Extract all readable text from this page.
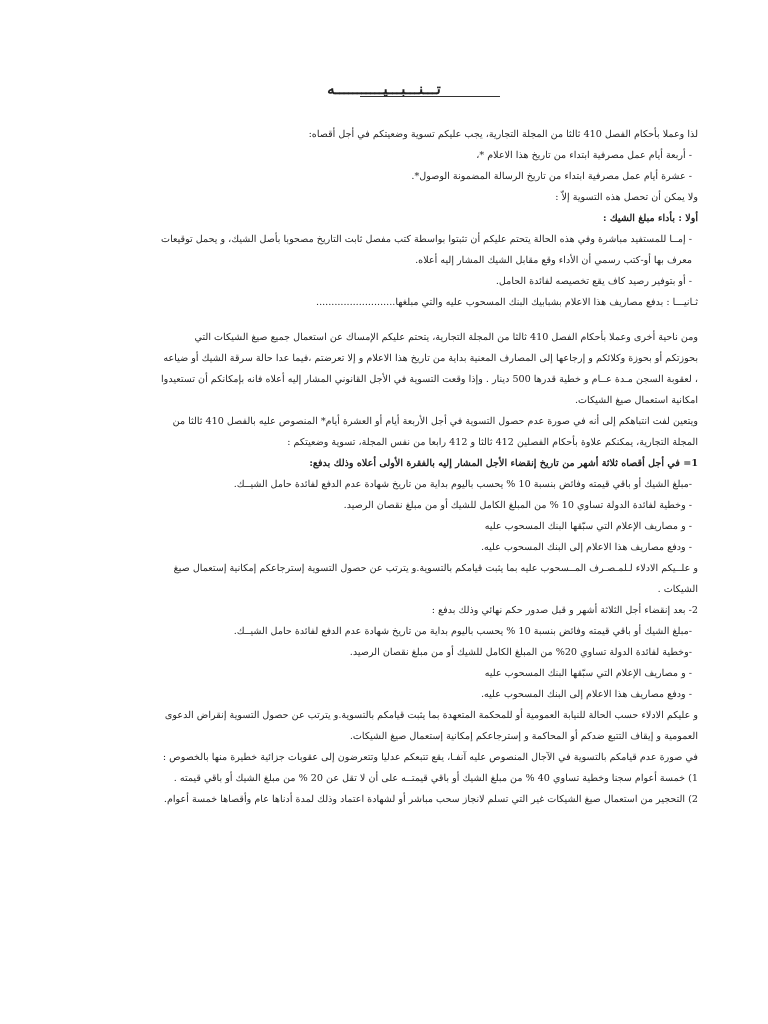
تـــنـــبـــيـــــــــــه

لذا وعملا بأحكام الفصل 410 ثالثا من المجلة التجارية، يجب عليكم تسوية وضعيتكم في أجل أقصاه:

- أربعة أيام عمل مصرفية ابتداء من تاريخ هذا الاعلام *،

- عشرة أيام عمل مصرفية ابتداء من تاريخ الرسالة المضمونة الوصول*.

ولا يمكن أن تحصل هذه التسوية إلاّ :

أولا : بأداء مبلغ الشيك :

- إمــا للمستفيد مباشرة وفي هذه الحالة يتحتم عليكم أن تثبتوا بواسطة كتب مفصل ثابت التاريخ مصحوبا بأصل الشيك، و يحمل توقيعات معرف بها أو-كتب رسمي أن الأداء وقع مقابل الشيك المشار إليه أعلاه.

- أو بتوفير رصيد كاف يقع تخصيصه لفائدة الحامل.

ثـانيـــا : بدفع مصاريف هذا الاعلام بشبابيك البنك المسحوب عليه والتي مبلغها..........................

ومن ناحية أخرى وعملا بأحكام الفصل 410 ثالثا من المجلة التجارية، يتحتم عليكم الإمساك عن استعمال جميع صيغ الشيكات التي بحوزتكم أو بحوزة وكلائكم و إرجاعها إلى المصارف المعنية بداية من تاريخ هذا الاعلام و إلا تعرضتم ،فيما عدا حالة سرقة الشيك أو ضياعه ، لعقوبة السجن مـدة عــام و خطية قدرها 500 دينار . وإذا وقعت التسوية في الأجل القانوني المشار إليه أعلاه فانه بإمكانكم أن تستعيدوا امكانية استعمال صيغ الشيكات.

ويتعين لفت انتباهكم إلى أنه في صورة عدم حصول التسوية في أجل الأربعة أيام أو العشرة أيام* المنصوص عليه بالفصل 410 ثالثا من المجلة التجارية، يمكنكم علاوة بأحكام الفصلين 412 ثالثا و 412 رابعا من نفس المجلة، تسوية وضعيتكم :

1= في أجل أقصاه ثلاثة أشهر من تاريخ إنقضاء الأجل المشار إليه بالفقرة الأولى أعلاه وذلك بدفع:

-مبلغ الشيك أو باقي قيمته وفائض بنسبة 10 % يحسب باليوم بداية من تاريخ شهادة عدم الدفع لفائدة حامل الشيــك.

- وخطية لفائدة الدولة تساوي 10 % من المبلغ الكامل للشيك أو من مبلغ نقصان الرصيد.

- و مصاريف الإعلام التي سبّقها البنك المسحوب عليه

- ودفع مصاريف هذا الاعلام إلى البنك المسحوب عليه.

و علــيكم الادلاء لـلمـصـرف المــسحوب عليه بما يثبت قيامكم بالتسوية.و يترتب عن حصول التسوية إسترجاعكم إمكانية إستعمال صيغ الشيكات .

2- بعد إنقضاء أجل الثلاثة أشهر و قبل صدور حكم نهائي وذلك بدفع :

-مبلغ الشيك أو باقي قيمته وفائض بنسبة 10 % يحسب باليوم بداية من تاريخ شهادة عدم الدفع لفائدة حامل الشيــك.

-وخطية لفائدة الدولة تساوي 20% من المبلغ الكامل للشيك أو من مبلغ نقصان الرصيد.

- و مصاريف الإعلام التي سبّقها البنك المسحوب عليه

- ودفع مصاريف هذا الاعلام إلى البنك المسحوب عليه.

و عليكم الادلاء حسب الحالة للنيابة العمومية أو للمحكمة المتعهدة بما يثبت قيامكم بالتسوية.و يترتب عن حصول التسوية إنقراض الدعوى العمومية و إيقاف التتبع ضدكم أو المحاكمة و إسترجاعكم إمكانية إستعمال صيغ الشيكات.

في صورة عدم قيامكم بالتسوية في الآجال المنصوص عليه آنفـا، يقع تتبعكم عدليا وتتعرضون إلى عقوبات جزائية خطيرة منها بالخصوص :

1) خمسة أعوام سجنا وخطية تساوي 40 % من مبلغ الشيك أو باقي قيمتــه على أن لا تقل عن 20 % من مبلغ الشيك أو باقي قيمته .

2) التحجير من استعمال صيغ الشيكات غير التي تسلم لانجاز سحب مباشر أو لشهادة اعتماد وذلك لمدة أدناها عام وأقصاها خمسة أعوام.
